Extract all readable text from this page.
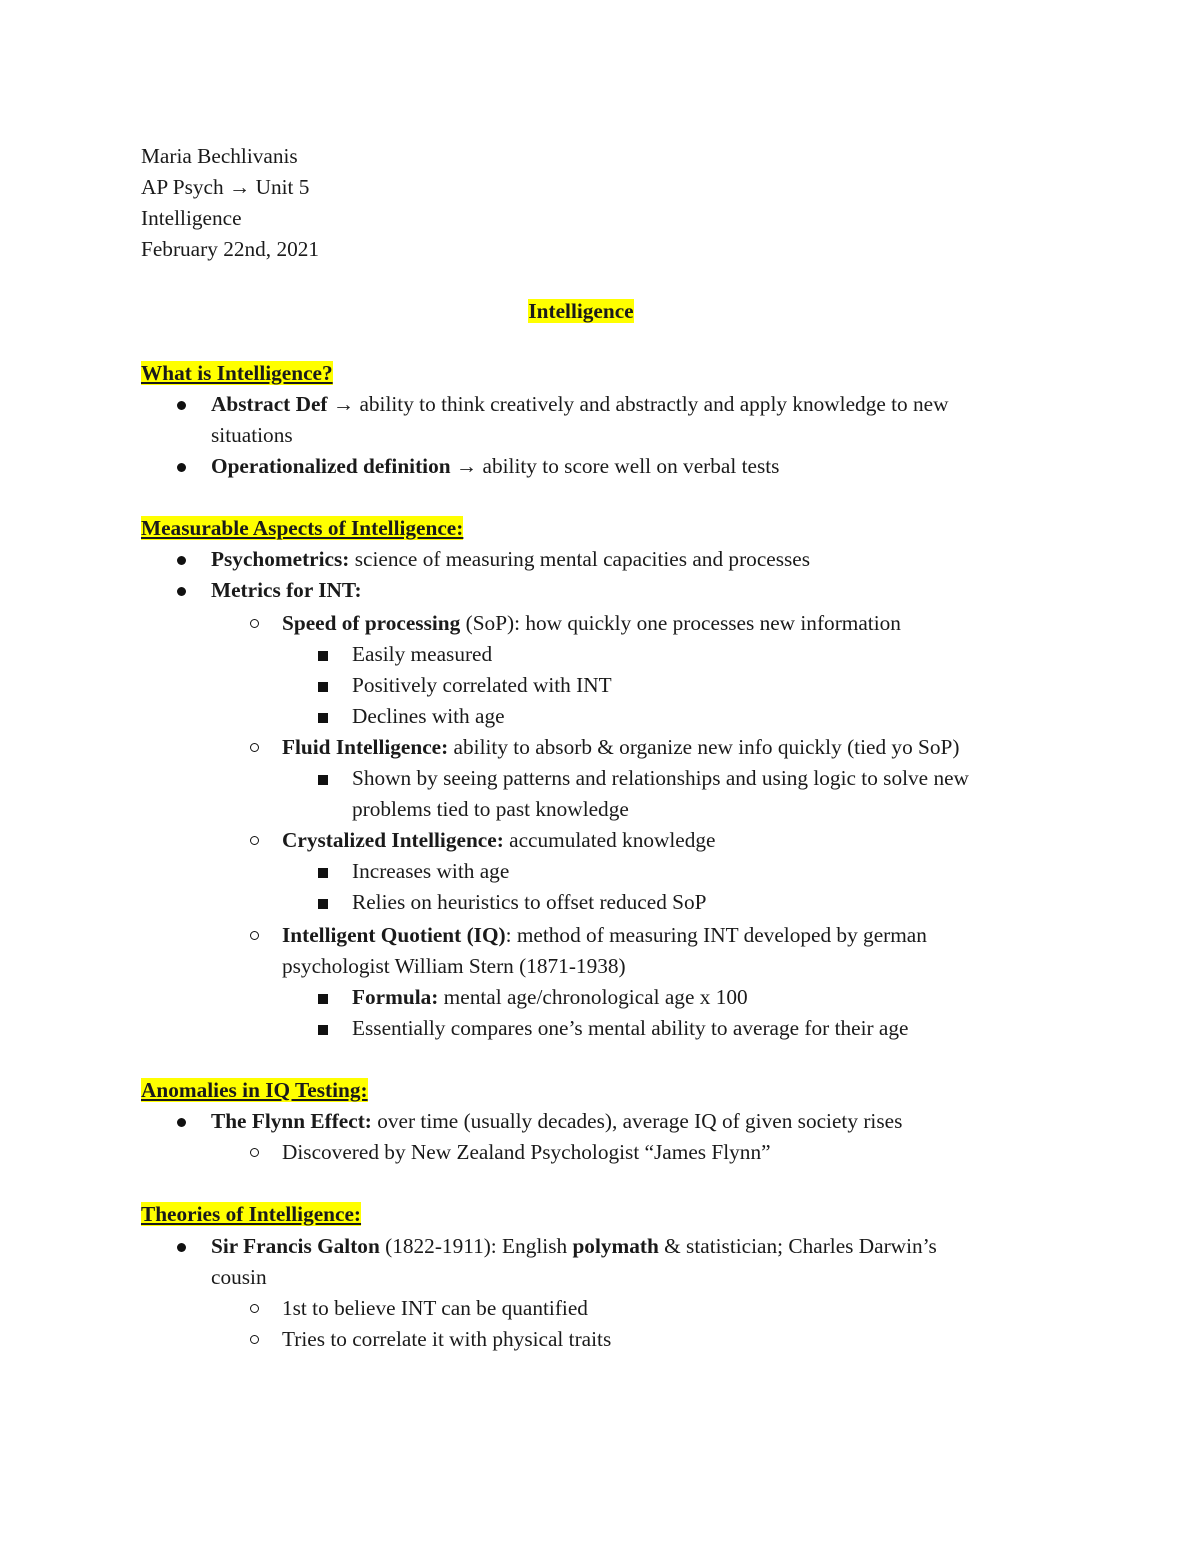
Maria Bechlivanis
AP Psych → Unit 5
Intelligence
February 22nd, 2021
Intelligence
What is Intelligence?
Abstract Def → ability to think creatively and abstractly and apply knowledge to new
situations
Operationalized definition → ability to score well on verbal tests
Measurable Aspects of Intelligence:
Psychometrics: science of measuring mental capacities and processes
Metrics for INT:
Speed of processing (SoP): how quickly one processes new information
Easily measured
Positively correlated with INT
Declines with age
Fluid Intelligence: ability to absorb & organize new info quickly (tied yo SoP)
Shown by seeing patterns and relationships and using logic to solve new
problems tied to past knowledge
Crystalized Intelligence: accumulated knowledge
Increases with age
Relies on heuristics to offset reduced SoP
Intelligent Quotient (IQ): method of measuring INT developed by german
psychologist William Stern (1871-1938)
Formula: mental age/chronological age x 100
Essentially compares one’s mental ability to average for their age
Anomalies in IQ Testing:
The Flynn Effect: over time (usually decades), average IQ of given society rises
Discovered by New Zealand Psychologist “James Flynn”
Theories of Intelligence:
Sir Francis Galton (1822-1911): English polymath & statistician; Charles Darwin’s
cousin
1st to believe INT can be quantified
Tries to correlate it with physical traits
